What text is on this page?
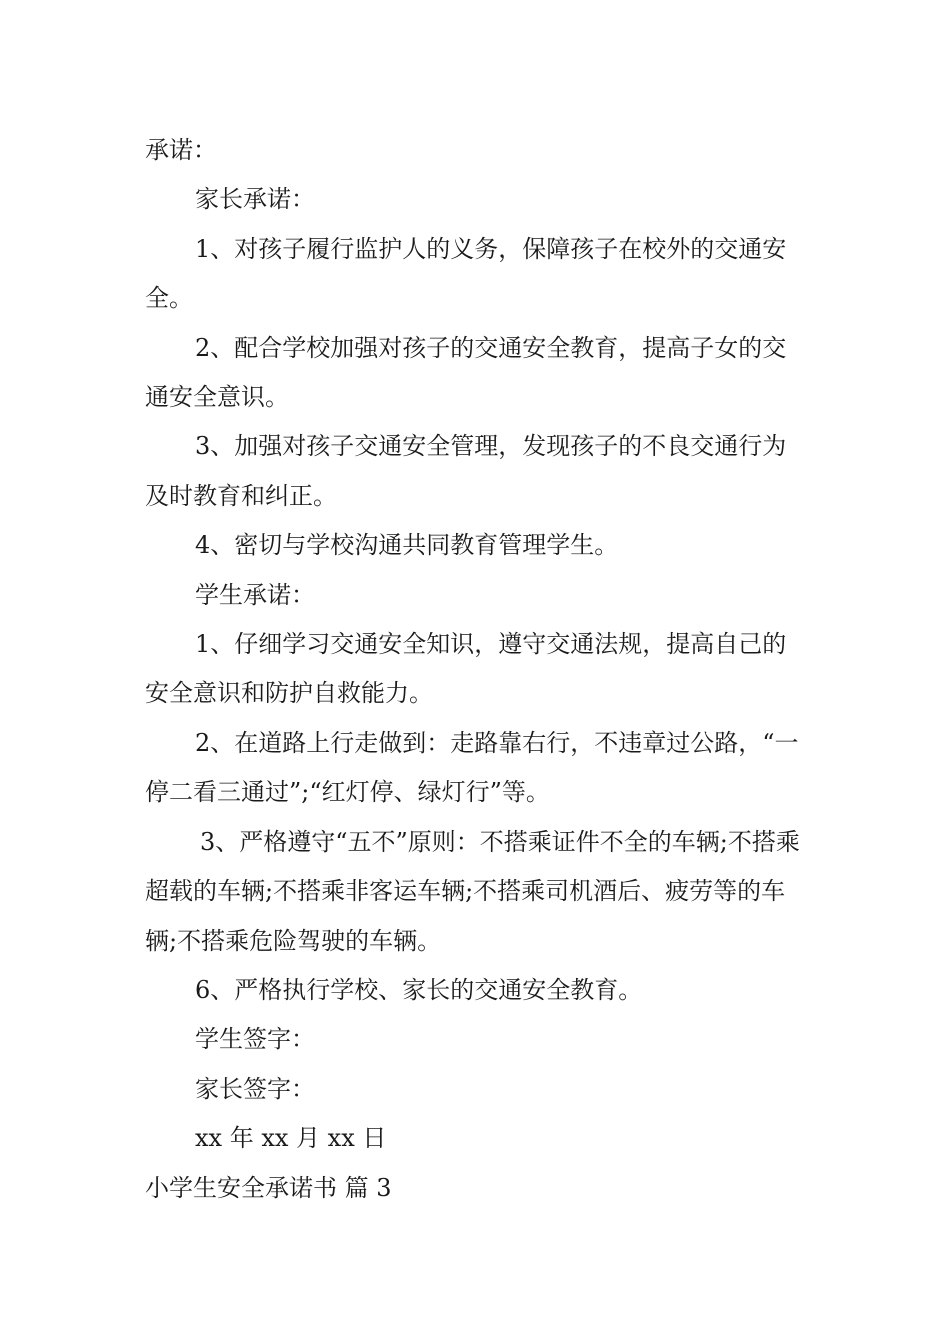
承诺：

家长承诺：

1、对孩子履行监护人的义务，保障孩子在校外的交通安全。

2、配合学校加强对孩子的交通安全教育，提高子女的交通安全意识。

3、加强对孩子交通安全管理，发现孩子的不良交通行为及时教育和纠正。

4、密切与学校沟通共同教育管理学生。

学生承诺：

1、仔细学习交通安全知识，遵守交通法规，提高自己的安全意识和防护自救能力。

2、在道路上行走做到：走路靠右行，不违章过公路，“一停二看三通过”;“红灯停、绿灯行”等。

3、严格遵守“五不”原则：不搭乘证件不全的车辆;不搭乘超载的车辆;不搭乘非客运车辆;不搭乘司机酒后、疲劳等的车辆;不搭乘危险驾驶的车辆。

6、严格执行学校、家长的交通安全教育。

学生签字：

家长签字：

xx 年 xx 月 xx 日

小学生安全承诺书 篇 3
